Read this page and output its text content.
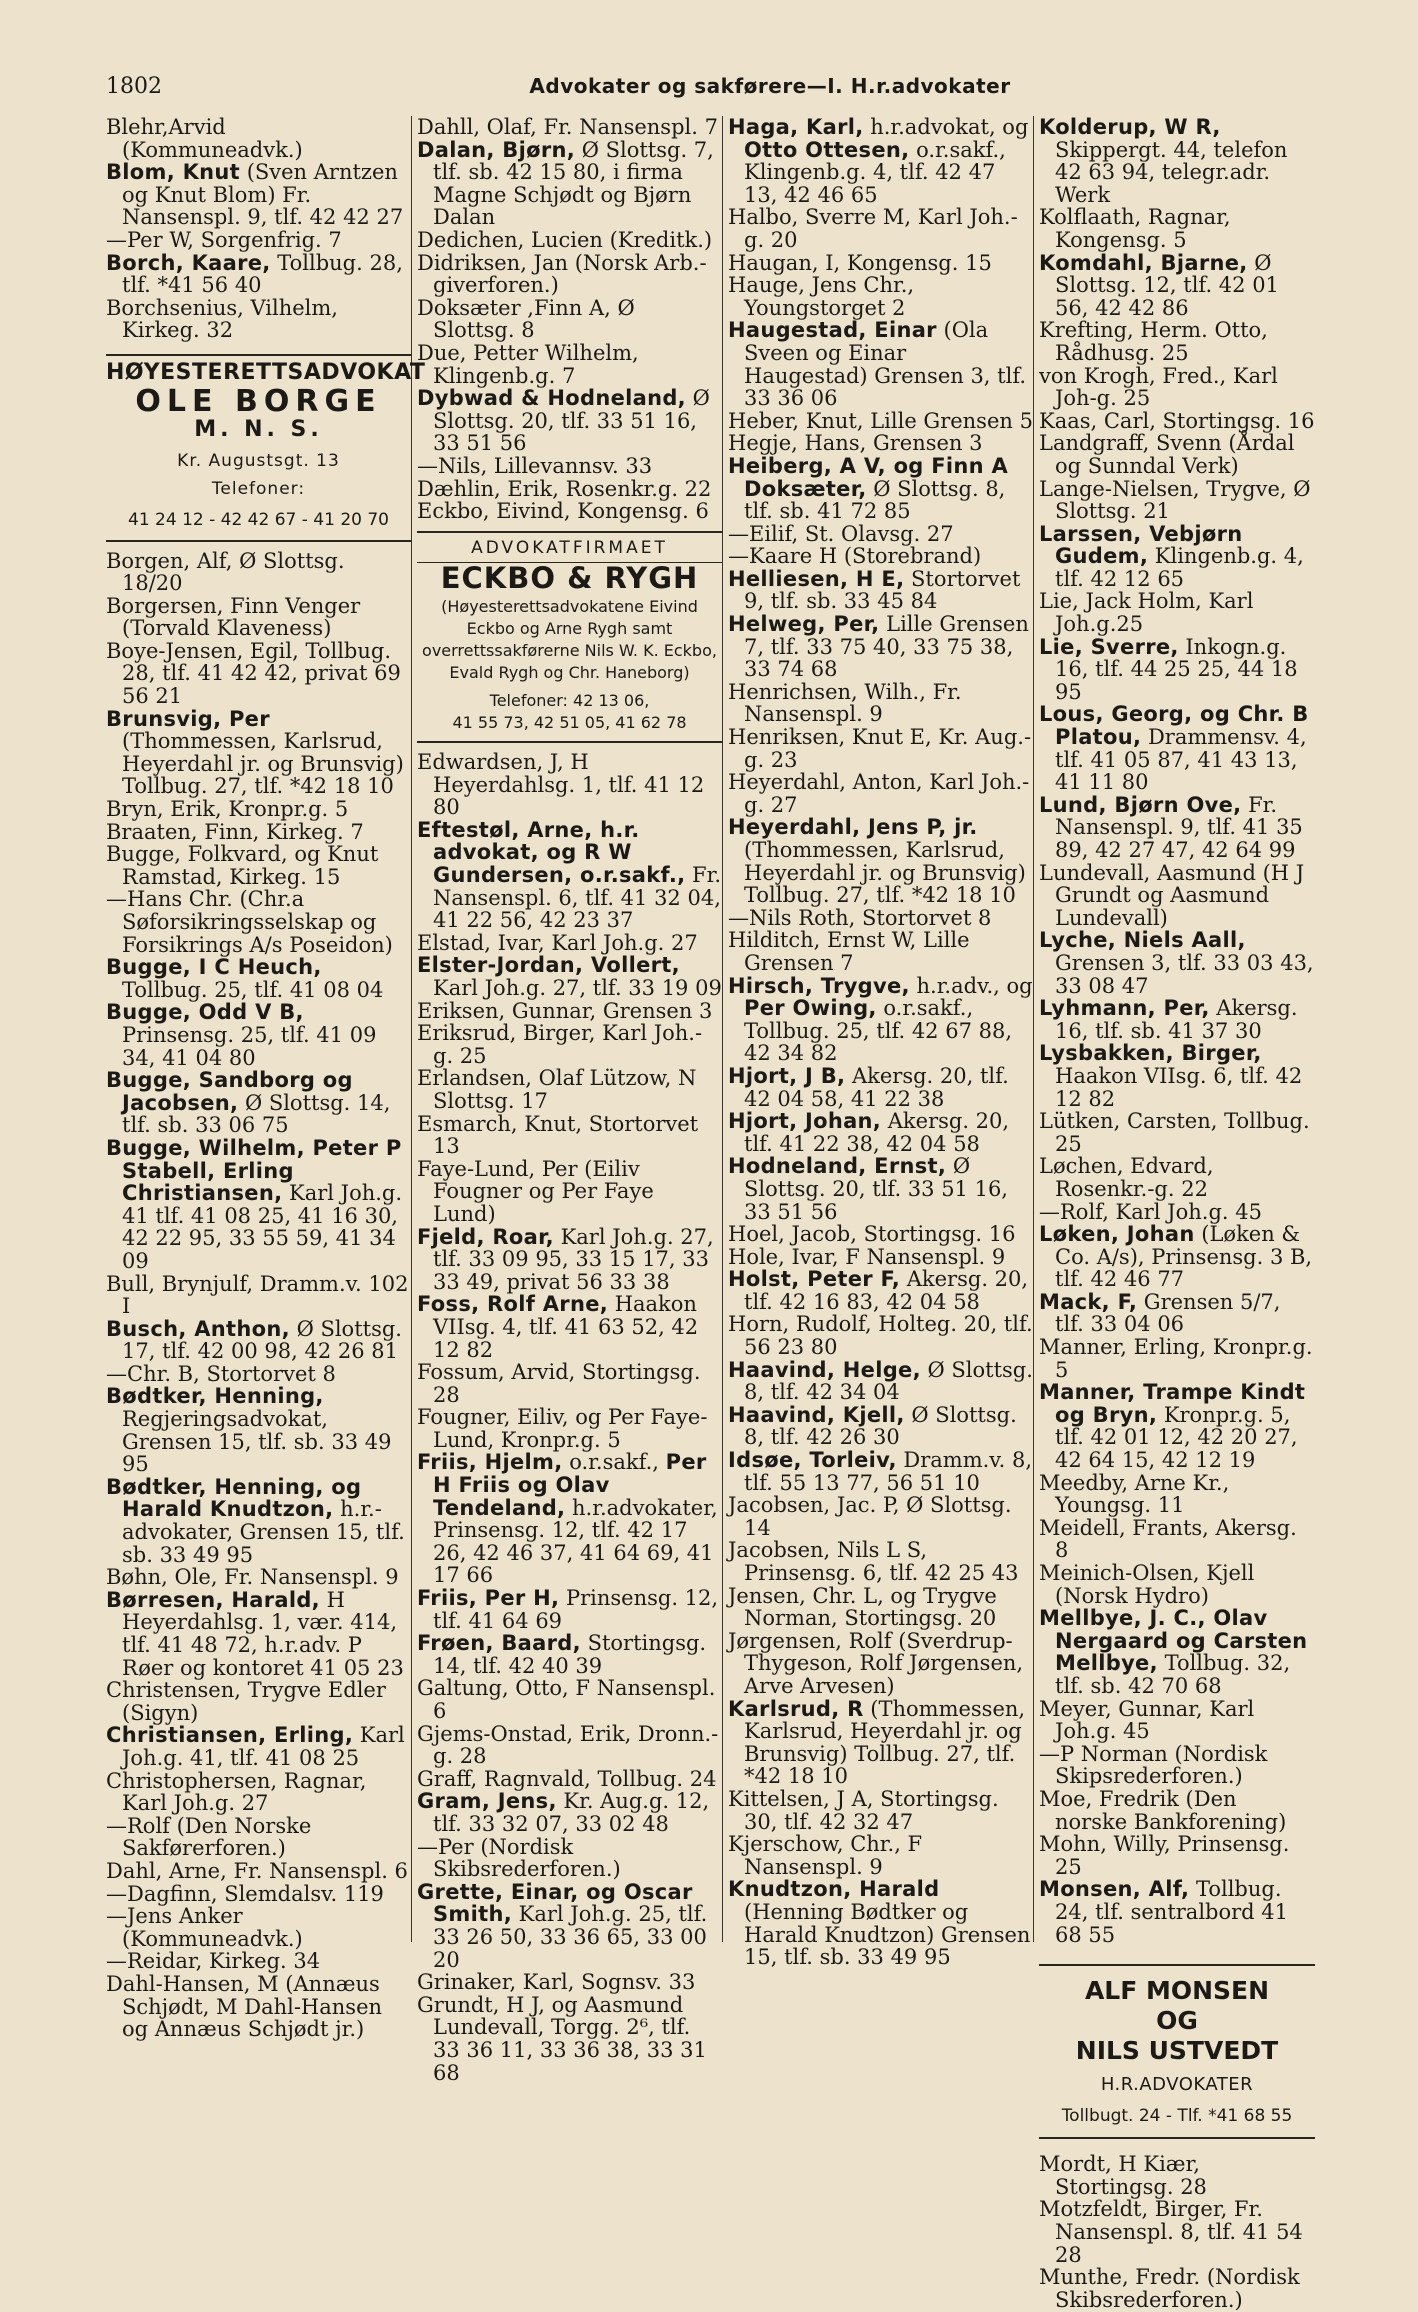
1802	Advokater og sakførere—I. H.r.advokater

Blehr,Arvid (Kommuneadvk.)

Blom, Knut (Sven Arntzen og Knut Blom) Fr. Nansenspl. 9, tlf. 42 42 27

—Per W, Sorgenfrig. 7

Borch, Kaare, Tollbug. 28, tlf. *41 56 40

Borchsenius, Vilhelm, Kirkeg. 32

HØYESTERETTSADVOKAT
OLE BORGE
M. N. S.
Kr. Augustsgt. 13
Telefoner:
41 24 12 - 42 42 67 - 41 20 70

Borgen, Alf, Ø Slottsg. 18/20

Borgersen, Finn Venger (Torvald Klaveness)

Boye-Jensen, Egil, Tollbug. 28, tlf. 41 42 42, privat 69 56 21

Brunsvig, Per (Thommessen, Karlsrud, Heyerdahl jr. og Brunsvig) Tollbug. 27, tlf. *42 18 10

Bryn, Erik, Kronpr.g. 5

Braaten, Finn, Kirkeg. 7

Bugge, Folkvard, og Knut Ramstad, Kirkeg. 15

—Hans Chr. (Chr.a Søforsikringsselskap og Forsikrings A/s Poseidon)

Bugge, I C Heuch, Tollbug. 25, tlf. 41 08 04

Bugge, Odd V B, Prinsensg. 25, tlf. 41 09 34, 41 04 80

Bugge, Sandborg og Jacobsen, Ø Slottsg. 14, tlf. sb. 33 06 75

Bugge, Wilhelm, Peter P Stabell, Erling Christiansen, Karl Joh.g. 41 tlf. 41 08 25, 41 16 30, 42 22 95, 33 55 59, 41 34 09

Bull, Brynjulf, Dramm.v. 102 I

Busch, Anthon, Ø Slottsg. 17, tlf. 42 00 98, 42 26 81

—Chr. B, Stortorvet 8

Bødtker, Henning, Regjeringsadvokat, Grensen 15, tlf. sb. 33 49 95

Bødtker, Henning, og Harald Knudtzon, h.r.-advokater, Grensen 15, tlf. sb. 33 49 95

Bøhn, Ole, Fr. Nansenspl. 9

Børresen, Harald, H Heyerdahlsg. 1, vær. 414, tlf. 41 48 72, h.r.adv. P Røer og kontoret 41 05 23

Christensen, Trygve Edler (Sigyn)

Christiansen, Erling, Karl Joh.g. 41, tlf. 41 08 25

Christophersen, Ragnar, Karl Joh.g. 27

—Rolf (Den Norske Sakførerforen.)

Dahl, Arne, Fr. Nansenspl. 6

—Dagfinn, Slemdalsv. 119

—Jens Anker (Kommuneadvk.)

—Reidar, Kirkeg. 34

Dahl-Hansen, M (Annæus Schjødt, M Dahl-Hansen og Annæus Schjødt jr.)

Dahll, Olaf, Fr. Nansenspl. 7

Dalan, Bjørn, Ø Slottsg. 7, tlf. sb. 42 15 80, i firma Magne Schjødt og Bjørn Dalan

Dedichen, Lucien (Kreditk.)

Didriksen, Jan (Norsk Arb.-giverforen.)

Doksæter ,Finn A, Ø Slottsg. 8

Due, Petter Wilhelm, Klingenb.g. 7

Dybwad & Hodneland, Ø Slottsg. 20, tlf. 33 51 16, 33 51 56

—Nils, Lillevannsv. 33

Dæhlin, Erik, Rosenkr.g. 22

Eckbo, Eivind, Kongensg. 6

ADVOKATFIRMAET
ECKBO & RYGH
(Høyesterettsadvokatene Eivind Eckbo og Arne Rygh samt overrettssakførerne Nils W. K. Eckbo, Evald Rygh og Chr. Haneborg)
Telefoner: 42 13 06,
41 55 73, 42 51 05, 41 62 78

Edwardsen, J, H Heyerdahlsg. 1, tlf. 41 12 80

Eftestøl, Arne, h.r. advokat, og R W Gundersen, o.r.sakf., Fr. Nansenspl. 6, tlf. 41 32 04, 41 22 56, 42 23 37

Elstad, Ivar, Karl Joh.g. 27

Elster-Jordan, Vollert, Karl Joh.g. 27, tlf. 33 19 09

Eriksen, Gunnar, Grensen 3

Eriksrud, Birger, Karl Joh.-g. 25

Erlandsen, Olaf Lützow, N Slottsg. 17

Esmarch, Knut, Stortorvet 13

Faye-Lund, Per (Eiliv Fougner og Per Faye Lund)

Fjeld, Roar, Karl Joh.g. 27, tlf. 33 09 95, 33 15 17, 33 33 49, privat 56 33 38

Foss, Rolf Arne, Haakon VIIsg. 4, tlf. 41 63 52, 42 12 82

Fossum, Arvid, Stortingsg. 28

Fougner, Eiliv, og Per Faye-Lund, Kronpr.g. 5

Friis, Hjelm, o.r.sakf., Per H Friis og Olav Tendeland, h.r.advokater, Prinsensg. 12, tlf. 42 17 26, 42 46 37, 41 64 69, 41 17 66

Friis, Per H, Prinsensg. 12, tlf. 41 64 69

Frøen, Baard, Stortingsg. 14, tlf. 42 40 39

Galtung, Otto, F Nansenspl. 6

Gjems-Onstad, Erik, Dronn.-g. 28

Graff, Ragnvald, Tollbug. 24

Gram, Jens, Kr. Aug.g. 12, tlf. 33 32 07, 33 02 48

—Per (Nordisk Skibsrederforen.)

Grette, Einar, og Oscar Smith, Karl Joh.g. 25, tlf. 33 26 50, 33 36 65, 33 00 20

Grinaker, Karl, Sognsv. 33

Grundt, H J, og Aasmund Lundevall, Torgg. 2⁶, tlf. 33 36 11, 33 36 38, 33 31 68

Haga, Karl, h.r.advokat, og Otto Ottesen, o.r.sakf., Klingenb.g. 4, tlf. 42 47 13, 42 46 65

Halbo, Sverre M, Karl Joh.-g. 20

Haugan, I, Kongensg. 15

Hauge, Jens Chr., Youngstorget 2

Haugestad, Einar (Ola Sveen og Einar Haugestad) Grensen 3, tlf. 33 36 06

Heber, Knut, Lille Grensen 5

Hegje, Hans, Grensen 3

Heiberg, A V, og Finn A Doksæter, Ø Slottsg. 8, tlf. sb. 41 72 85

—Eilif, St. Olavsg. 27

—Kaare H (Storebrand)

Helliesen, H E, Stortorvet 9, tlf. sb. 33 45 84

Helweg, Per, Lille Grensen 7, tlf. 33 75 40, 33 75 38, 33 74 68

Henrichsen, Wilh., Fr. Nansenspl. 9

Henriksen, Knut E, Kr. Aug.-g. 23

Heyerdahl, Anton, Karl Joh.-g. 27

Heyerdahl, Jens P, jr. (Thommessen, Karlsrud, Heyerdahl jr. og Brunsvig) Tollbug. 27, tlf. *42 18 10

—Nils Roth, Stortorvet 8

Hilditch, Ernst W, Lille Grensen 7

Hirsch, Trygve, h.r.adv., og Per Owing, o.r.sakf., Tollbug. 25, tlf. 42 67 88, 42 34 82

Hjort, J B, Akersg. 20, tlf. 42 04 58, 41 22 38

Hjort, Johan, Akersg. 20, tlf. 41 22 38, 42 04 58

Hodneland, Ernst, Ø Slottsg. 20, tlf. 33 51 16, 33 51 56

Hoel, Jacob, Stortingsg. 16

Hole, Ivar, F Nansenspl. 9

Holst, Peter F, Akersg. 20, tlf. 42 16 83, 42 04 58

Horn, Rudolf, Holteg. 20, tlf. 56 23 80

Haavind, Helge, Ø Slottsg. 8, tlf. 42 34 04

Haavind, Kjell, Ø Slottsg. 8, tlf. 42 26 30

Idsøe, Torleiv, Dramm.v. 8, tlf. 55 13 77, 56 51 10

Jacobsen, Jac. P, Ø Slottsg. 14

Jacobsen, Nils L S, Prinsensg. 6, tlf. 42 25 43

Jensen, Chr. L, og Trygve Norman, Stortingsg. 20

Jørgensen, Rolf (Sverdrup-Thygeson, Rolf Jørgensen, Arve Arvesen)

Karlsrud, R (Thommessen, Karlsrud, Heyerdahl jr. og Brunsvig) Tollbug. 27, tlf. *42 18 10

Kittelsen, J A, Stortingsg. 30, tlf. 42 32 47

Kjerschow, Chr., F Nansenspl. 9

Knudtzon, Harald (Henning Bødtker og Harald Knudtzon) Grensen 15, tlf. sb. 33 49 95

Kolderup, W R, Skippergt. 44, telefon 42 63 94, telegr.adr. Werk

Kolflaath, Ragnar, Kongensg. 5

Komdahl, Bjarne, Ø Slottsg. 12, tlf. 42 01 56, 42 42 86

Krefting, Herm. Otto, Rådhusg. 25

von Krogh, Fred., Karl Joh-g. 25

Kaas, Carl, Stortingsg. 16

Landgraff, Svenn (Årdal og Sunndal Verk)

Lange-Nielsen, Trygve, Ø Slottsg. 21

Larssen, Vebjørn Gudem, Klingenb.g. 4, tlf. 42 12 65

Lie, Jack Holm, Karl Joh.g.25

Lie, Sverre, Inkogn.g. 16, tlf. 44 25 25, 44 18 95

Lous, Georg, og Chr. B Platou, Drammensv. 4, tlf. 41 05 87, 41 43 13, 41 11 80

Lund, Bjørn Ove, Fr. Nansenspl. 9, tlf. 41 35 89, 42 27 47, 42 64 99

Lundevall, Aasmund (H J Grundt og Aasmund Lundevall)

Lyche, Niels Aall, Grensen 3, tlf. 33 03 43, 33 08 47

Lyhmann, Per, Akersg. 16, tlf. sb. 41 37 30

Lysbakken, Birger, Haakon VIIsg. 6, tlf. 42 12 82

Lütken, Carsten, Tollbug. 25

Løchen, Edvard, Rosenkr.-g. 22

—Rolf, Karl Joh.g. 45

Løken, Johan (Løken & Co. A/s), Prinsensg. 3 B, tlf. 42 46 77

Mack, F, Grensen 5/7, tlf. 33 04 06

Manner, Erling, Kronpr.g. 5

Manner, Trampe Kindt og Bryn, Kronpr.g. 5, tlf. 42 01 12, 42 20 27, 42 64 15, 42 12 19

Meedby, Arne Kr., Youngsg. 11

Meidell, Frants, Akersg. 8

Meinich-Olsen, Kjell (Norsk Hydro)

Mellbye, J. C., Olav Nergaard og Carsten Mellbye, Tollbug. 32, tlf. sb. 42 70 68

Meyer, Gunnar, Karl Joh.g. 45

—P Norman (Nordisk Skipsrederforen.)

Moe, Fredrik (Den norske Bankforening)

Mohn, Willy, Prinsensg. 25

Monsen, Alf, Tollbug. 24, tlf. sentralbord 41 68 55

ALF MONSEN
OG
NILS USTVEDT
H.R.ADVOKATER
Tollbugt. 24 - Tlf. *41 68 55

Mordt, H Kiær, Stortingsg. 28

Motzfeldt, Birger, Fr. Nansenspl. 8, tlf. 41 54 28

Munthe, Fredr. (Nordisk Skibsrederforen.)
